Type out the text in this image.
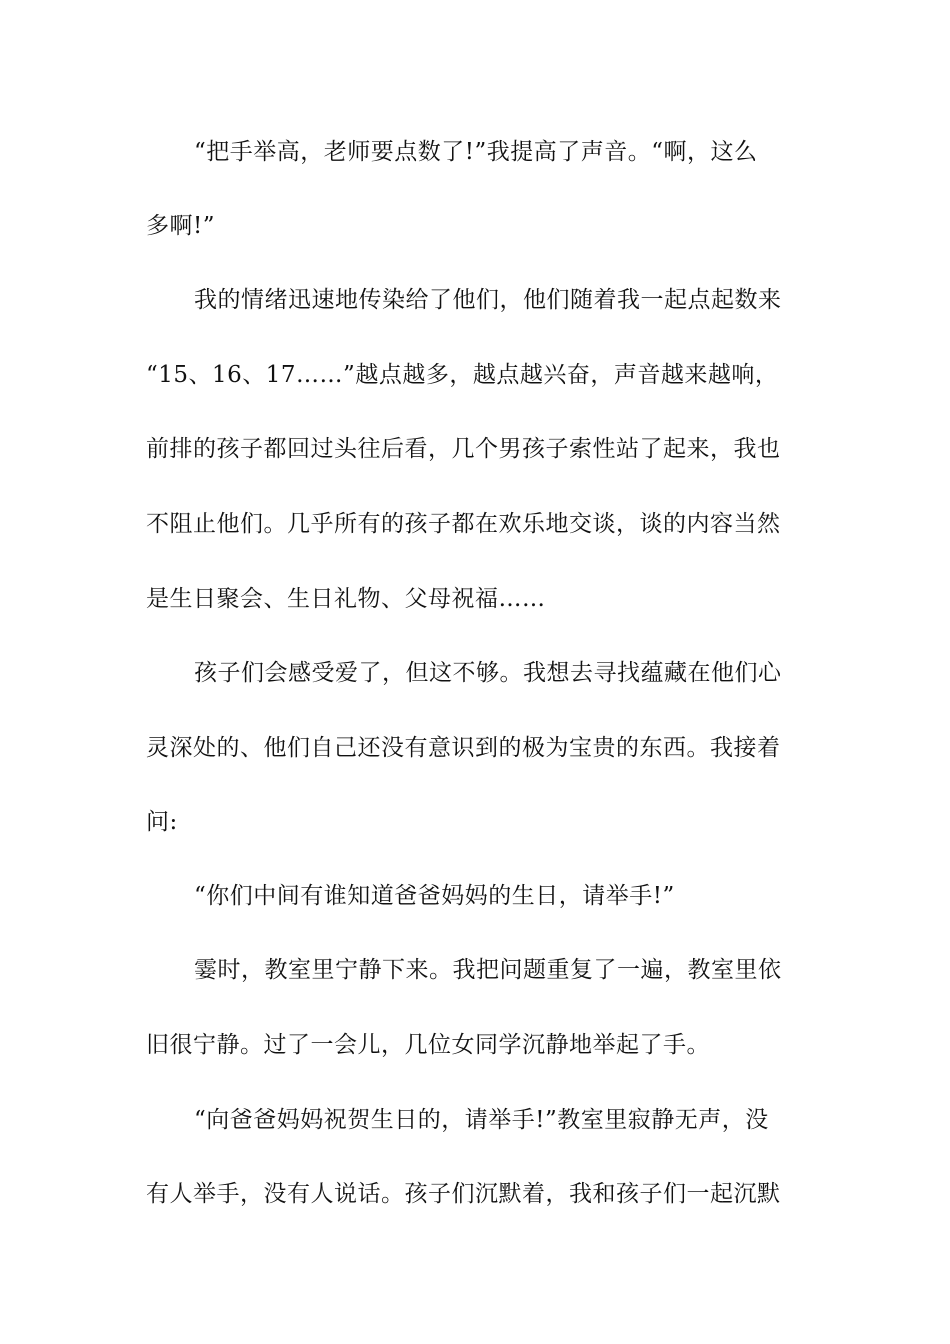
“把手举高，老师要点数了!”我提高了声音。“啊，这么
多啊!”
我的情绪迅速地传染给了他们，他们随着我一起点起数来
“15、16、17……”越点越多，越点越兴奋，声音越来越响，
前排的孩子都回过头往后看，几个男孩子索性站了起来，我也
不阻止他们。几乎所有的孩子都在欢乐地交谈，谈的内容当然
是生日聚会、生日礼物、父母祝福……
孩子们会感受爱了，但这不够。我想去寻找蕴藏在他们心
灵深处的、他们自己还没有意识到的极为宝贵的东西。我接着
问:
“你们中间有谁知道爸爸妈妈的生日，请举手!”
霎时，教室里宁静下来。我把问题重复了一遍，教室里依
旧很宁静。过了一会儿，几位女同学沉静地举起了手。
“向爸爸妈妈祝贺生日的，请举手!”教室里寂静无声，没
有人举手，没有人说话。孩子们沉默着，我和孩子们一起沉默
